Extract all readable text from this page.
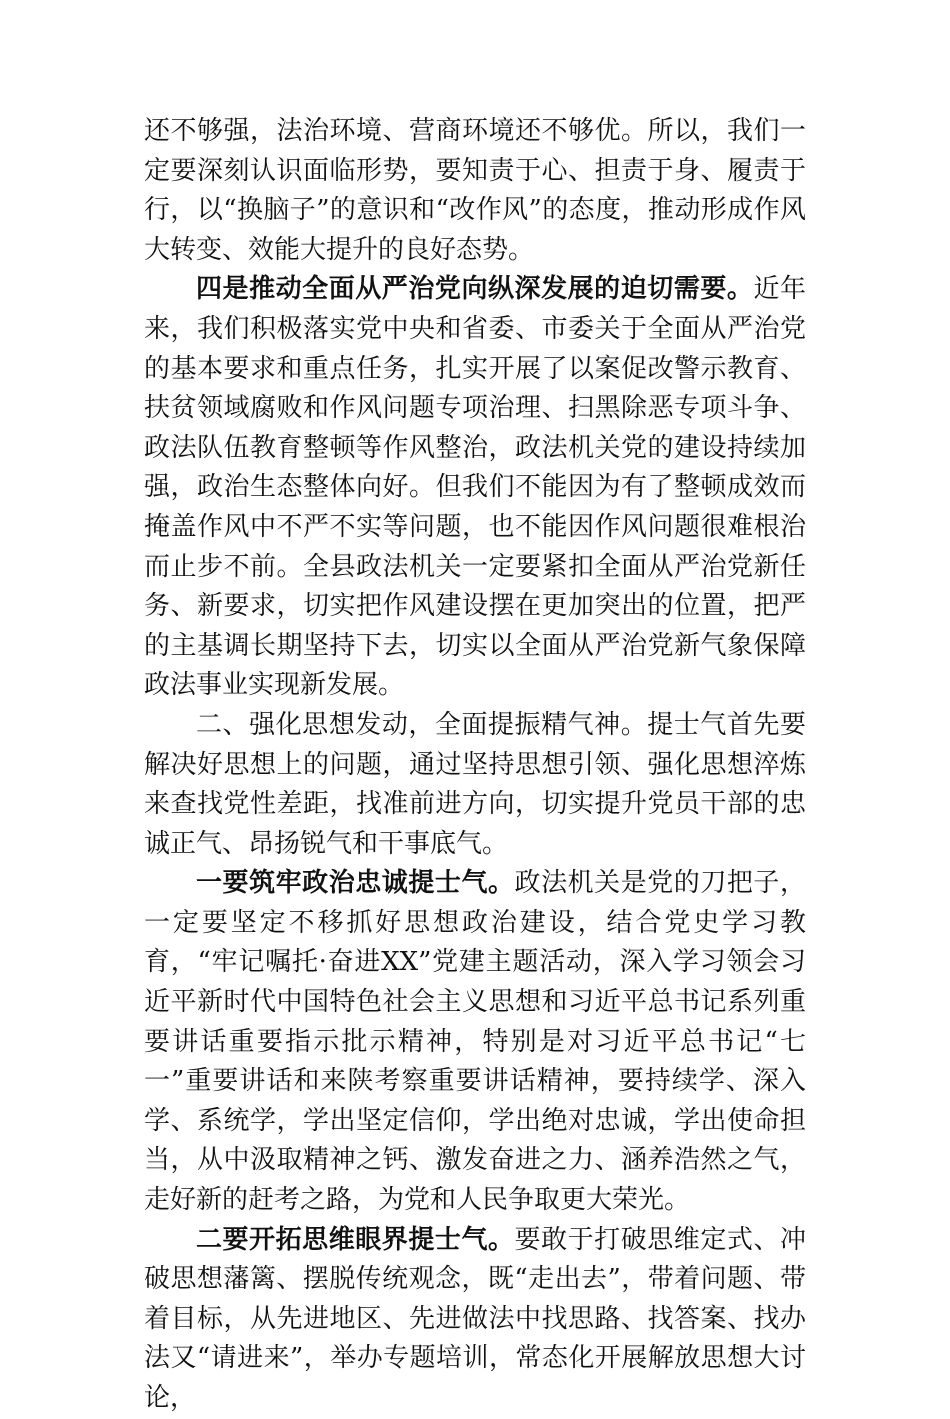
还不够强，法治环境、营商环境还不够优。所以，我们一定要深刻认识面临形势，要知责于心、担责于身、履责于行，以“换脑子”的意识和“改作风”的态度，推动形成作风大转变、效能大提升的良好态势。

四是推动全面从严治党向纵深发展的迫切需要。近年来，我们积极落实党中央和省委、市委关于全面从严治党的基本要求和重点任务，扎实开展了以案促改警示教育、扶贫领域腐败和作风问题专项治理、扫黑除恶专项斗争、政法队伍教育整顿等作风整治，政法机关党的建设持续加强，政治生态整体向好。但我们不能因为有了整顿成效而掩盖作风中不严不实等问题，也不能因作风问题很难根治而止步不前。全县政法机关一定要紧扣全面从严治党新任务、新要求，切实把作风建设摆在更加突出的位置，把严的主基调长期坚持下去，切实以全面从严治党新气象保障政法事业实现新发展。

二、强化思想发动，全面提振精气神。提士气首先要解决好思想上的问题，通过坚持思想引领、强化思想淬炼来查找党性差距，找准前进方向，切实提升党员干部的忠诚正气、昂扬锐气和干事底气。

一要筑牢政治忠诚提士气。政法机关是党的刀把子，一定要坚定不移抓好思想政治建设，结合党史学习教育，“牢记嘱托·奋进XX”党建主题活动，深入学习领会习近平新时代中国特色社会主义思想和习近平总书记系列重要讲话重要指示批示精神，特别是对习近平总书记“七一”重要讲话和来陕考察重要讲话精神，要持续学、深入学、系统学，学出坚定信仰，学出绝对忠诚，学出使命担当，从中汲取精神之钙、激发奋进之力、涵养浩然之气，走好新的赶考之路，为党和人民争取更大荣光。

二要开拓思维眼界提士气。要敢于打破思维定式、冲破思想藩篱、摆脱传统观念，既“走出去”，带着问题、带着目标，从先进地区、先进做法中找思路、找答案、找办法又“请进来”，举办专题培训，常态化开展解放思想大讨论，
